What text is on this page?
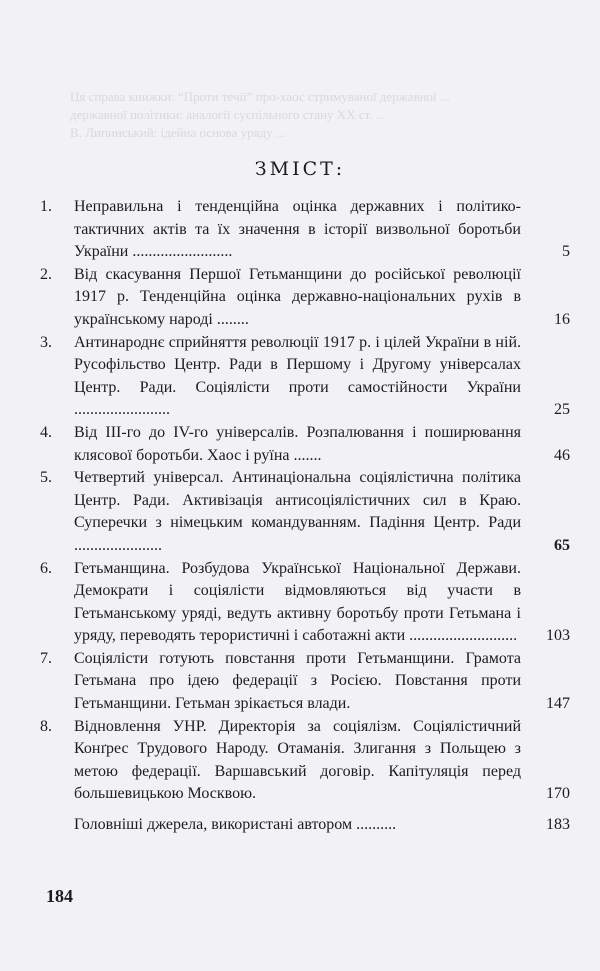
Ця справа книжки: “Проти течії” про-хаос стримуваної державної ...
державної політики: аналогії суспільного стану ХХ ст. ...
В. Липинський: ідейна основа уряду ...
ЗМІСТ:
1.	Неправильна і тенденційна оцінка державних і політико-тактичних актів та їх значення в історії визвольної боротьби України .........................	5
2.	Від скасування Першої Гетьманщини до російської революції 1917 р. Тенденційна оцінка державно-національних рухів в українському народі ........	16
3.	Антинароднє сприйняття революції 1917 р. і цілей України в ній. Русофільство Центр. Ради в Першому і Другому універсалах Центр. Ради. Соціялісти проти самостійности України ........................	25
4.	Від III-го до IV-го універсалів. Розпалювання і поширювання клясової боротьби. Хаос і руїна .......	46
5.	Четвертий універсал. Антинаціональна соціялістична політика Центр. Ради. Активізація антисоціялістичних сил в Краю. Суперечки з німецьким командуванням. Падіння Центр. Ради ......................	65
6.	Гетьманщина. Розбудова Української Національної Держави. Демократи і соціялісти відмовляються від участи в Гетьманському уряді, ведуть активну боротьбу проти Гетьмана і уряду, переводять терористичні і саботажні акти ...........................	103
7.	Соціялісти готують повстання проти Гетьманщини. Грамота Гетьмана про ідею федерації з Росією. Повстання проти Гетьманщини. Гетьман зрікається влади.	147
8.	Відновлення УНР. Директорія за соціялізм. Соціялістичний Конґрес Трудового Народу. Отаманія. Злигання з Польщею з метою федерації. Варшавський договір. Капітуляція перед большевицькою Москвою.	170
Головніші джерела, використані автором ..........	183
184
